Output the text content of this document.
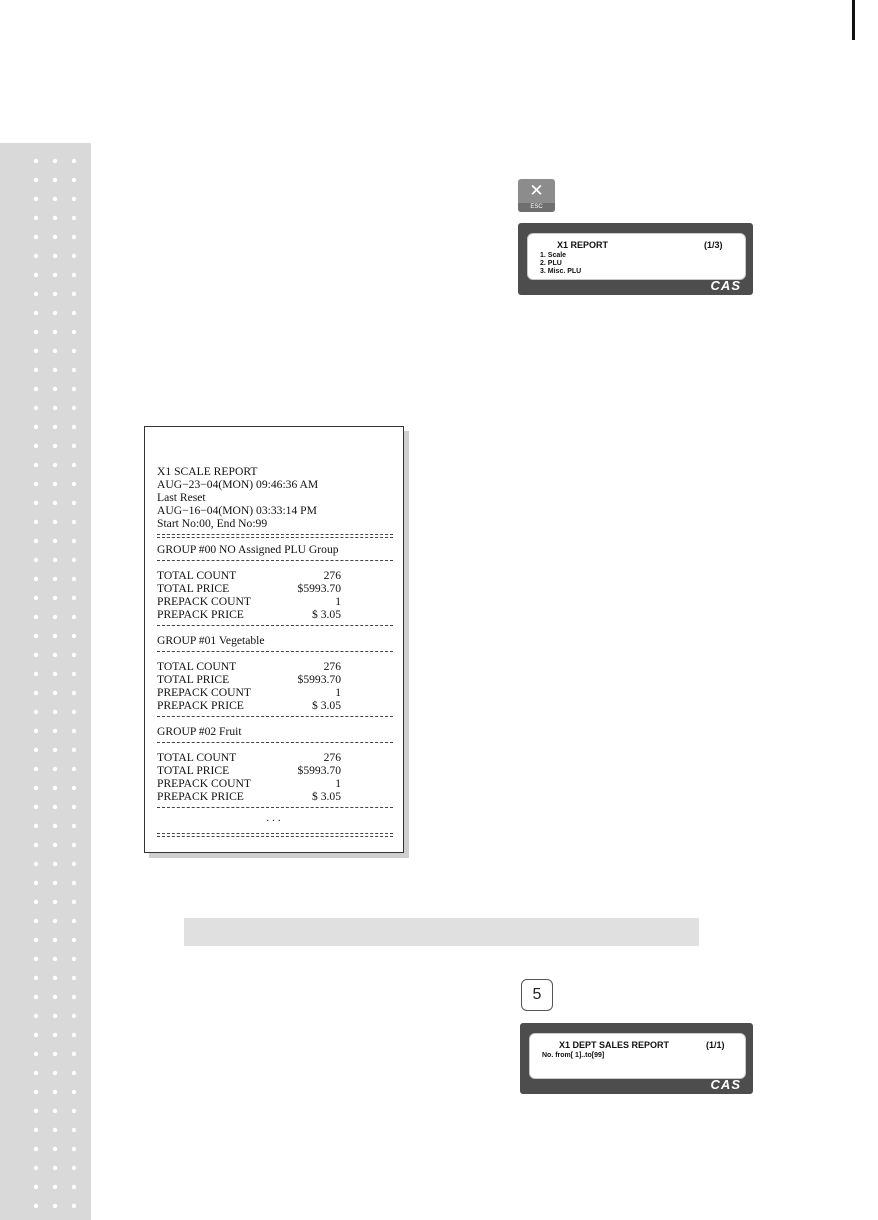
✕
ESC
X1 REPORT	(1/3)
1. Scale
2. PLU
3. Misc. PLU
CAS
X1 SCALE REPORT
AUG−23−04(MON) 09:46:36 AM
Last Reset
AUG−16−04(MON) 03:33:14 PM
Start No:00, End No:99
GROUP #00 NO Assigned PLU Group
TOTAL COUNT	276
TOTAL PRICE	$5993.70
PREPACK COUNT	1
PREPACK PRICE	$ 3.05
GROUP #01 Vegetable
TOTAL COUNT	276
TOTAL PRICE	$5993.70
PREPACK COUNT	1
PREPACK PRICE	$ 3.05
GROUP #02 Fruit
TOTAL COUNT	276
TOTAL PRICE	$5993.70
PREPACK COUNT	1
PREPACK PRICE	$ 3.05
...
5
X1 DEPT SALES REPORT	(1/1)
No. from[ 1]..to[99]
CAS
